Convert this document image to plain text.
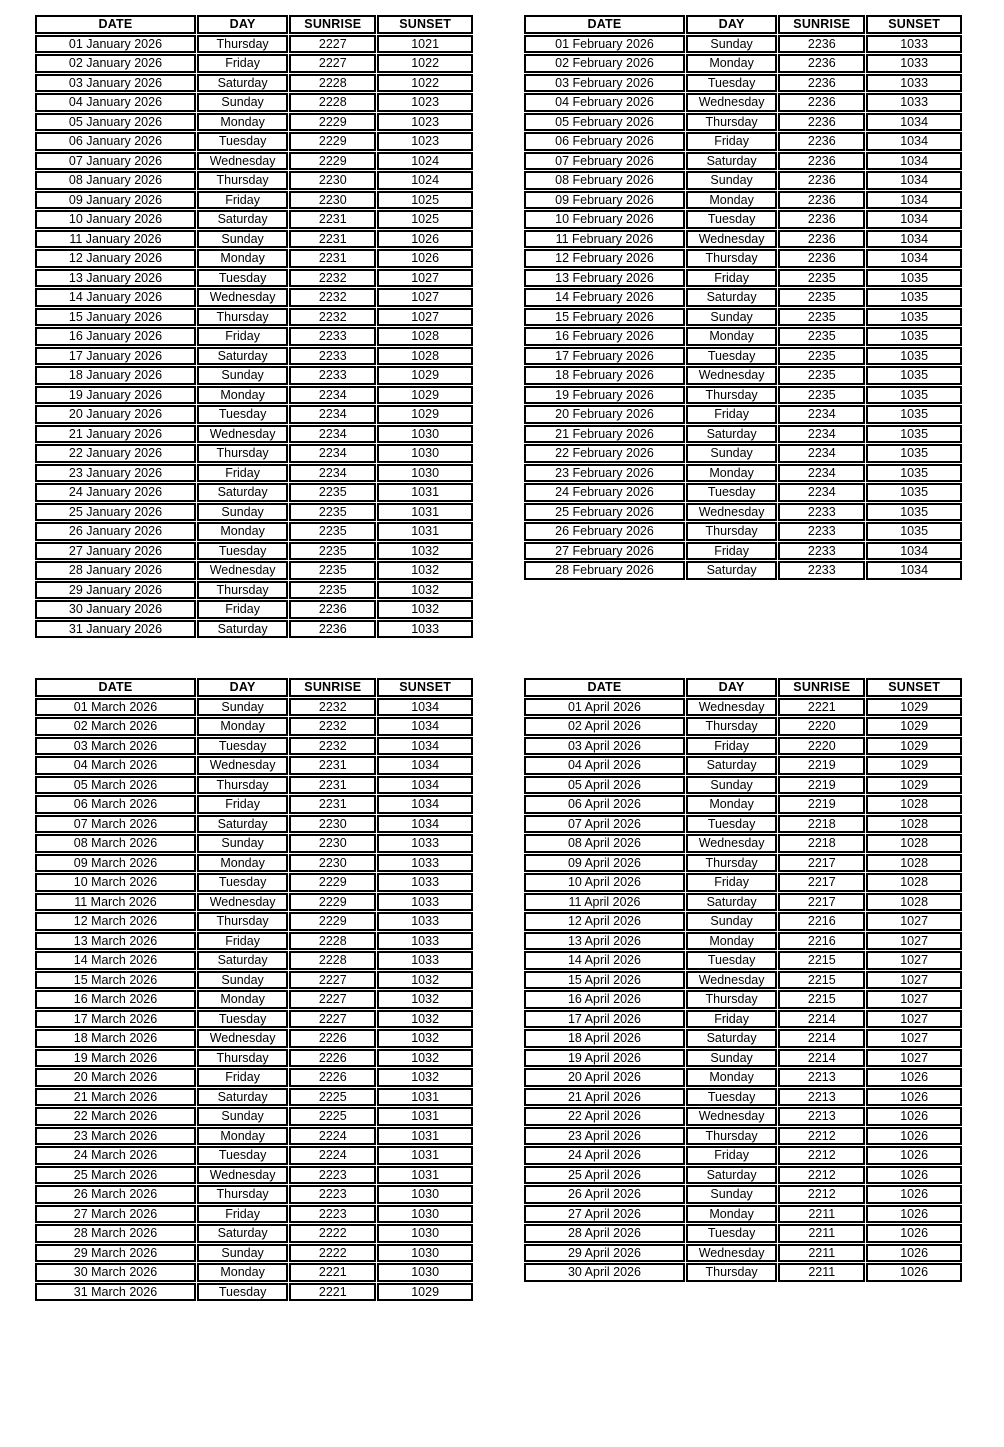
DATE	DAY	SUNRISE	SUNSET
01 January 2026	Thursday	2227	1021
02 January 2026	Friday	2227	1022
03 January 2026	Saturday	2228	1022
04 January 2026	Sunday	2228	1023
05 January 2026	Monday	2229	1023
06 January 2026	Tuesday	2229	1023
07 January 2026	Wednesday	2229	1024
08 January 2026	Thursday	2230	1024
09 January 2026	Friday	2230	1025
10 January 2026	Saturday	2231	1025
11 January 2026	Sunday	2231	1026
12 January 2026	Monday	2231	1026
13 January 2026	Tuesday	2232	1027
14 January 2026	Wednesday	2232	1027
15 January 2026	Thursday	2232	1027
16 January 2026	Friday	2233	1028
17 January 2026	Saturday	2233	1028
18 January 2026	Sunday	2233	1029
19 January 2026	Monday	2234	1029
20 January 2026	Tuesday	2234	1029
21 January 2026	Wednesday	2234	1030
22 January 2026	Thursday	2234	1030
23 January 2026	Friday	2234	1030
24 January 2026	Saturday	2235	1031
25 January 2026	Sunday	2235	1031
26 January 2026	Monday	2235	1031
27 January 2026	Tuesday	2235	1032
28 January 2026	Wednesday	2235	1032
29 January 2026	Thursday	2235	1032
30 January 2026	Friday	2236	1032
31 January 2026	Saturday	2236	1033
DATE	DAY	SUNRISE	SUNSET
01 February 2026	Sunday	2236	1033
02 February 2026	Monday	2236	1033
03 February 2026	Tuesday	2236	1033
04 February 2026	Wednesday	2236	1033
05 February 2026	Thursday	2236	1034
06 February 2026	Friday	2236	1034
07 February 2026	Saturday	2236	1034
08 February 2026	Sunday	2236	1034
09 February 2026	Monday	2236	1034
10 February 2026	Tuesday	2236	1034
11 February 2026	Wednesday	2236	1034
12 February 2026	Thursday	2236	1034
13 February 2026	Friday	2235	1035
14 February 2026	Saturday	2235	1035
15 February 2026	Sunday	2235	1035
16 February 2026	Monday	2235	1035
17 February 2026	Tuesday	2235	1035
18 February 2026	Wednesday	2235	1035
19 February 2026	Thursday	2235	1035
20 February 2026	Friday	2234	1035
21 February 2026	Saturday	2234	1035
22 February 2026	Sunday	2234	1035
23 February 2026	Monday	2234	1035
24 February 2026	Tuesday	2234	1035
25 February 2026	Wednesday	2233	1035
26 February 2026	Thursday	2233	1035
27 February 2026	Friday	2233	1034
28 February 2026	Saturday	2233	1034
DATE	DAY	SUNRISE	SUNSET
01 March 2026	Sunday	2232	1034
02 March 2026	Monday	2232	1034
03 March 2026	Tuesday	2232	1034
04 March 2026	Wednesday	2231	1034
05 March 2026	Thursday	2231	1034
06 March 2026	Friday	2231	1034
07 March 2026	Saturday	2230	1034
08 March 2026	Sunday	2230	1033
09 March 2026	Monday	2230	1033
10 March 2026	Tuesday	2229	1033
11 March 2026	Wednesday	2229	1033
12 March 2026	Thursday	2229	1033
13 March 2026	Friday	2228	1033
14 March 2026	Saturday	2228	1033
15 March 2026	Sunday	2227	1032
16 March 2026	Monday	2227	1032
17 March 2026	Tuesday	2227	1032
18 March 2026	Wednesday	2226	1032
19 March 2026	Thursday	2226	1032
20 March 2026	Friday	2226	1032
21 March 2026	Saturday	2225	1031
22 March 2026	Sunday	2225	1031
23 March 2026	Monday	2224	1031
24 March 2026	Tuesday	2224	1031
25 March 2026	Wednesday	2223	1031
26 March 2026	Thursday	2223	1030
27 March 2026	Friday	2223	1030
28 March 2026	Saturday	2222	1030
29 March 2026	Sunday	2222	1030
30 March 2026	Monday	2221	1030
31 March 2026	Tuesday	2221	1029
DATE	DAY	SUNRISE	SUNSET
01 April 2026	Wednesday	2221	1029
02 April 2026	Thursday	2220	1029
03 April 2026	Friday	2220	1029
04 April 2026	Saturday	2219	1029
05 April 2026	Sunday	2219	1029
06 April 2026	Monday	2219	1028
07 April 2026	Tuesday	2218	1028
08 April 2026	Wednesday	2218	1028
09 April 2026	Thursday	2217	1028
10 April 2026	Friday	2217	1028
11 April 2026	Saturday	2217	1028
12 April 2026	Sunday	2216	1027
13 April 2026	Monday	2216	1027
14 April 2026	Tuesday	2215	1027
15 April 2026	Wednesday	2215	1027
16 April 2026	Thursday	2215	1027
17 April 2026	Friday	2214	1027
18 April 2026	Saturday	2214	1027
19 April 2026	Sunday	2214	1027
20 April 2026	Monday	2213	1026
21 April 2026	Tuesday	2213	1026
22 April 2026	Wednesday	2213	1026
23 April 2026	Thursday	2212	1026
24 April 2026	Friday	2212	1026
25 April 2026	Saturday	2212	1026
26 April 2026	Sunday	2212	1026
27 April 2026	Monday	2211	1026
28 April 2026	Tuesday	2211	1026
29 April 2026	Wednesday	2211	1026
30 April 2026	Thursday	2211	1026
